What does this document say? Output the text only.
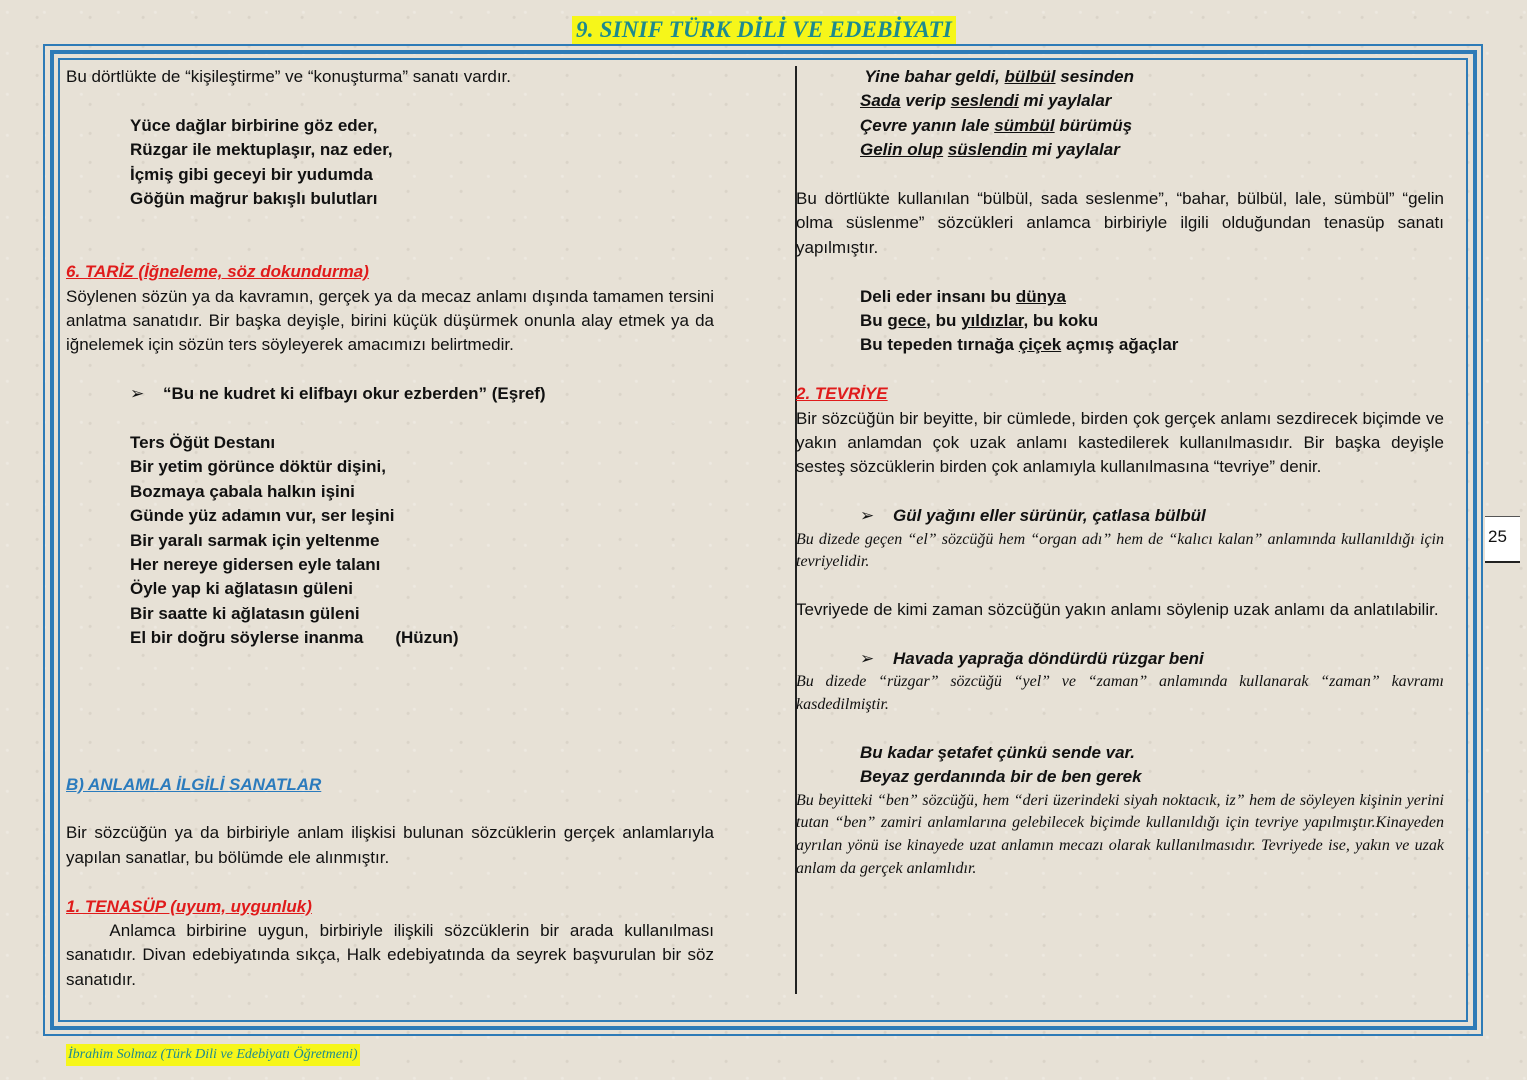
9. SINIF TÜRK DİLİ VE EDEBİYATI

Bu dörtlükte de “kişileştirme” ve “konuşturma” sanatı vardır.

Yüce dağlar birbirine göz eder,

Rüzgar ile mektuplaşır, naz eder,

İçmiş gibi geceyi bir yudumda

Göğün mağrur bakışlı bulutları

6. TARİZ (İğneleme, söz dokundurma)

Söylenen sözün ya da kavramın, gerçek ya da mecaz anlamı dışında tamamen tersini anlatma sanatıdır. Bir başka deyişle, birini küçük düşürmek onunla alay etmek ya da iğnelemek için sözün ters söyleyerek amacımızı belirtmedir.

➢ “Bu ne kudret ki elifbayı okur ezberden” (Eşref)

Ters Öğüt Destanı

Bir yetim görünce döktür dişini,

Bozmaya çabala halkın işini

Günde yüz adamın vur, ser leşini

Bir yaralı sarmak için yeltenme

Her nereye gidersen eyle talanı

Öyle yap ki ağlatasın güleni

Bir saatte ki ağlatasın güleni

El bir doğru söylerse inanma (Hüzun)

B) ANLAMLA İLGİLİ SANATLAR

Bir sözcüğün ya da birbiriyle anlam ilişkisi bulunan sözcüklerin gerçek anlamlarıyla yapılan sanatlar, bu bölümde ele alınmıştır.

1. TENASÜP (uyum, uygunluk)

Anlamca birbirine uygun, birbiriyle ilişkili sözcüklerin bir arada kullanılması sanatıdır. Divan edebiyatında sıkça, Halk edebiyatında da seyrek başvurulan bir söz sanatıdır.

Yine bahar geldi, bülbül sesinden

Sada verip seslendi mi yaylalar

Çevre yanın lale sümbül bürümüş

Gelin olup süslendin mi yaylalar

Bu dörtlükte kullanılan “bülbül, sada seslenme”, “bahar, bülbül, lale, sümbül” “gelin olma süslenme” sözcükleri anlamca birbiriyle ilgili olduğundan tenasüp sanatı yapılmıştır.

Deli eder insanı bu dünya

Bu gece, bu yıldızlar, bu koku

Bu tepeden tırnağa çiçek açmış ağaçlar

2. TEVRİYE

Bir sözcüğün bir beyitte, bir cümlede, birden çok gerçek anlamı sezdirecek biçimde ve yakın anlamdan çok uzak anlamı kastedilerek kullanılmasıdır. Bir başka deyişle sesteş sözcüklerin birden çok anlamıyla kullanılmasına “tevriye” denir.

➢ Gül yağını eller sürünür, çatlasa bülbül

Bu dizede geçen “el” sözcüğü hem “organ adı” hem de “kalıcı kalan” anlamında kullanıldığı için tevriyelidir.

Tevriyede de kimi zaman sözcüğün yakın anlamı söylenip uzak anlamı da anlatılabilir.

➢ Havada yaprağa döndürdü rüzgar beni

Bu dizede “rüzgar” sözcüğü “yel” ve “zaman” anlamında kullanarak “zaman” kavramı kasdedilmiştir.

Bu kadar şetafet çünkü sende var.

Beyaz gerdanında bir de ben gerek

Bu beyitteki “ben” sözcüğü, hem “deri üzerindeki siyah noktacık, iz” hem de söyleyen kişinin yerini tutan “ben” zamiri anlamlarına gelebilecek biçimde kullanıldığı için tevriye yapılmıştır.Kinayeden ayrılan yönü ise kinayede uzat anlamın mecazı olarak kullanılmasıdır. Tevriyede ise, yakın ve uzak anlam da gerçek anlamlıdır.

25
İbrahim Solmaz (Türk Dili ve Edebiyatı Öğretmeni)
